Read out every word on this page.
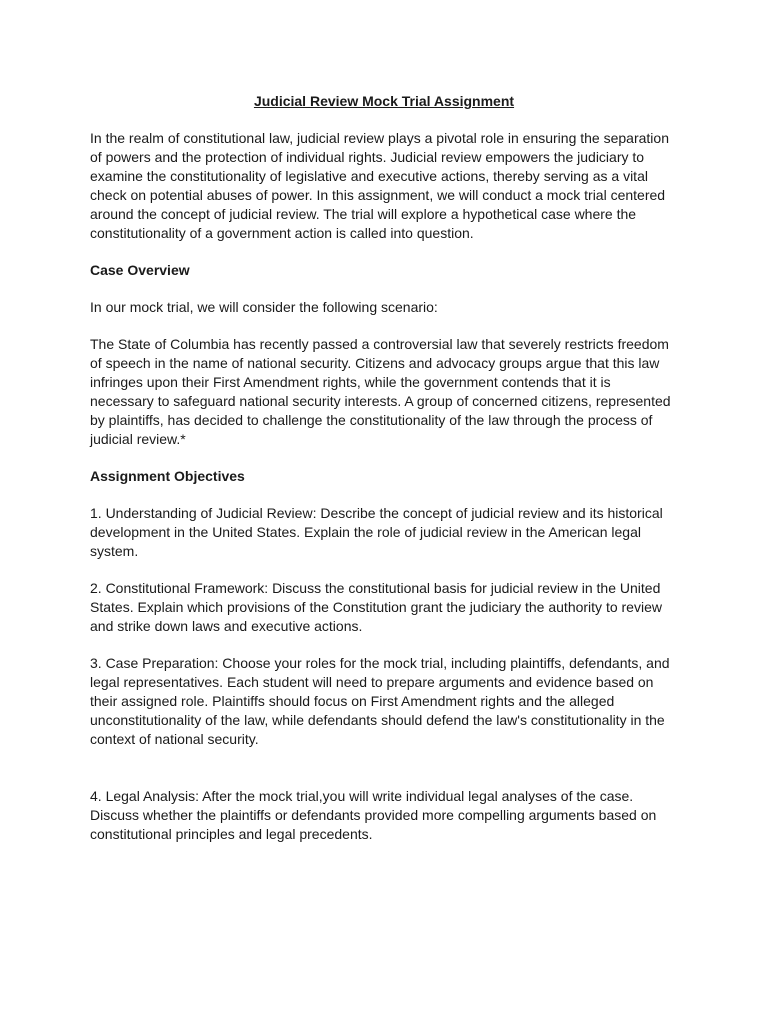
Judicial Review Mock Trial Assignment

In the realm of constitutional law, judicial review plays a pivotal role in ensuring the separation of powers and the protection of individual rights. Judicial review empowers the judiciary to examine the constitutionality of legislative and executive actions, thereby serving as a vital check on potential abuses of power. In this assignment, we will conduct a mock trial centered around the concept of judicial review. The trial will explore a hypothetical case where the constitutionality of a government action is called into question.

Case Overview

In our mock trial, we will consider the following scenario:

The State of Columbia has recently passed a controversial law that severely restricts freedom of speech in the name of national security. Citizens and advocacy groups argue that this law infringes upon their First Amendment rights, while the government contends that it is necessary to safeguard national security interests. A group of concerned citizens, represented by plaintiffs, has decided to challenge the constitutionality of the law through the process of judicial review.*

Assignment Objectives

1. Understanding of Judicial Review: Describe the concept of judicial review and its historical development in the United States. Explain the role of judicial review in the American legal system.

2. Constitutional Framework: Discuss the constitutional basis for judicial review in the United States. Explain which provisions of the Constitution grant the judiciary the authority to review and strike down laws and executive actions.

3. Case Preparation: Choose your roles for the mock trial, including plaintiffs, defendants, and legal representatives. Each student will need to prepare arguments and evidence based on their assigned role. Plaintiffs should focus on First Amendment rights and the alleged unconstitutionality of the law, while defendants should defend the law's constitutionality in the context of national security.

4. Legal Analysis: After the mock trial,you will write individual legal analyses of the case. Discuss whether the plaintiffs or defendants provided more compelling arguments based on constitutional principles and legal precedents.
